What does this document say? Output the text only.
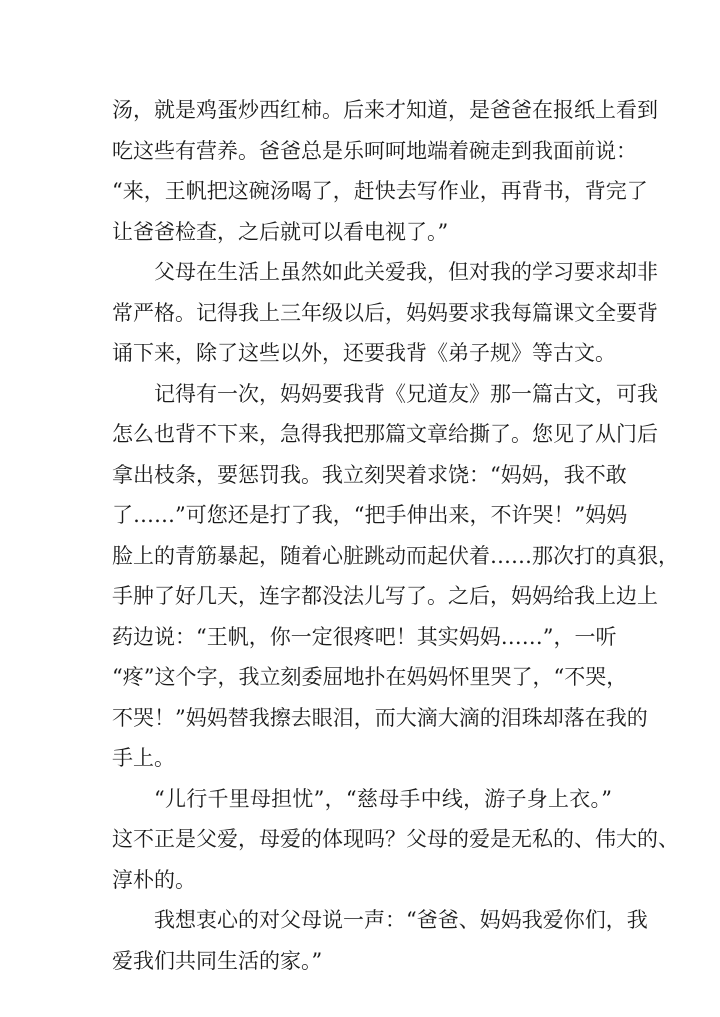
汤，就是鸡蛋炒西红柿。后来才知道，是爸爸在报纸上看到
吃这些有营养。爸爸总是乐呵呵地端着碗走到我面前说：
“来，王帆把这碗汤喝了，赶快去写作业，再背书，背完了
让爸爸检查，之后就可以看电视了。”
父母在生活上虽然如此关爱我，但对我的学习要求却非
常严格。记得我上三年级以后，妈妈要求我每篇课文全要背
诵下来，除了这些以外，还要我背《弟子规》等古文。
记得有一次，妈妈要我背《兄道友》那一篇古文，可我
怎么也背不下来，急得我把那篇文章给撕了。您见了从门后
拿出枝条，要惩罚我。我立刻哭着求饶：“妈妈，我不敢
了……”可您还是打了我，“把手伸出来，不许哭！”妈妈
脸上的青筋暴起，随着心脏跳动而起伏着……那次打的真狠，
手肿了好几天，连字都没法儿写了。之后，妈妈给我上边上
药边说：“王帆，你一定很疼吧！其实妈妈……”，一听
“疼”这个字，我立刻委屈地扑在妈妈怀里哭了，“不哭，
不哭！”妈妈替我擦去眼泪，而大滴大滴的泪珠却落在我的
手上。
“儿行千里母担忧”，“慈母手中线，游子身上衣。”
这不正是父爱，母爱的体现吗？父母的爱是无私的、伟大的、
淳朴的。
我想衷心的对父母说一声：“爸爸、妈妈我爱你们，我
爱我们共同生活的家。”
